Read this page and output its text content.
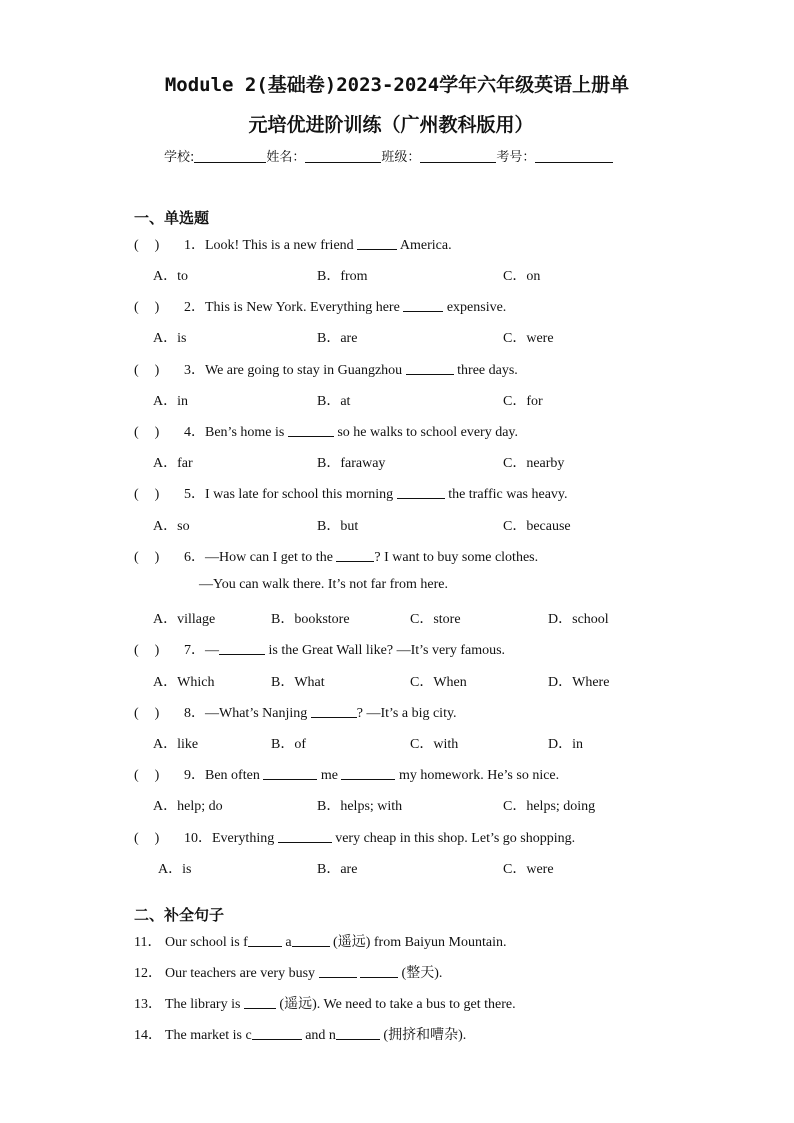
Module 2(基础卷)2023-2024学年六年级英语上册单
元培优进阶训练（广州教科版用）
学校:	姓名：	班级：	考号：
一、单选题
( ) 1．Look! This is a new friend	America.
A．to	B．from	C．on
( ) 2．This is New York. Everything here	expensive.
A．is	B．are	C．were
( ) 3．We are going to stay in Guangzhou	three days.
A．in	B．at	C．for
( ) 4．Ben’s home is	so he walks to school every day.
A．far	B．faraway	C．nearby
( ) 5．I was late for school this morning	the traffic was heavy.
A．so	B．but	C．because
( ) 6．—How can I get to the	? I want to buy some clothes.
—You can walk there. It’s not far from here.
A．village	B．bookstore	C．store	D．school
( ) 7．—	is the Great Wall like? —It’s very famous.
A．Which	B．What	C．When	D．Where
( ) 8．—What’s Nanjing	? —It’s a big city.
A．like	B．of	C．with	D．in
( ) 9．Ben often	me	my homework. He’s so nice.
A．help; do	B．helps; with	C．helps; doing
( ) 10．Everything	very cheap in this shop. Let’s go shopping.
A．is	B．are	C．were
二、补全句子
11． Our school is f a	(遥远) from Baiyun Mountain.
12． Our teachers are very busy	(整天).
13． The library is  (遥远). We need to take a bus to get there.
14． The market is c	and n	(拥挤和嘈杂).
